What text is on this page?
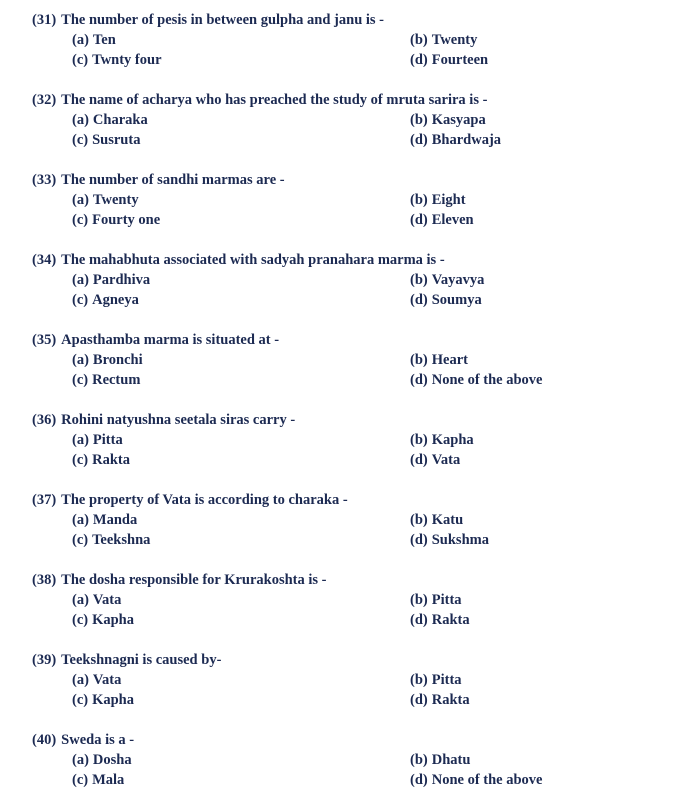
(31) The number of pesis in between gulpha and janu is -
(a) Ten	(b) Twenty
(c) Twnty four	(d) Fourteen
(32) The name of acharya who has preached the study of mruta sarira is -
(a) Charaka	(b) Kasyapa
(c) Susruta	(d) Bhardwaja
(33) The number of sandhi marmas are -
(a) Twenty	(b) Eight
(c) Fourty one	(d) Eleven
(34) The mahabhuta associated with sadyah pranahara marma is -
(a) Pardhiva	(b) Vayavya
(c) Agneya	(d) Soumya
(35) Apasthamba marma is situated at -
(a) Bronchi	(b) Heart
(c) Rectum	(d) None of the above
(36) Rohini natyushna seetala siras carry -
(a) Pitta	(b) Kapha
(c) Rakta	(d) Vata
(37) The property of Vata is according to charaka -
(a) Manda	(b) Katu
(c) Teekshna	(d) Sukshma
(38) The dosha responsible for Krurakoshta is -
(a) Vata	(b) Pitta
(c) Kapha	(d) Rakta
(39) Teekshnagni is caused by-
(a) Vata	(b) Pitta
(c) Kapha	(d) Rakta
(40) Sweda is a -
(a) Dosha	(b) Dhatu
(c) Mala	(d) None of the above
